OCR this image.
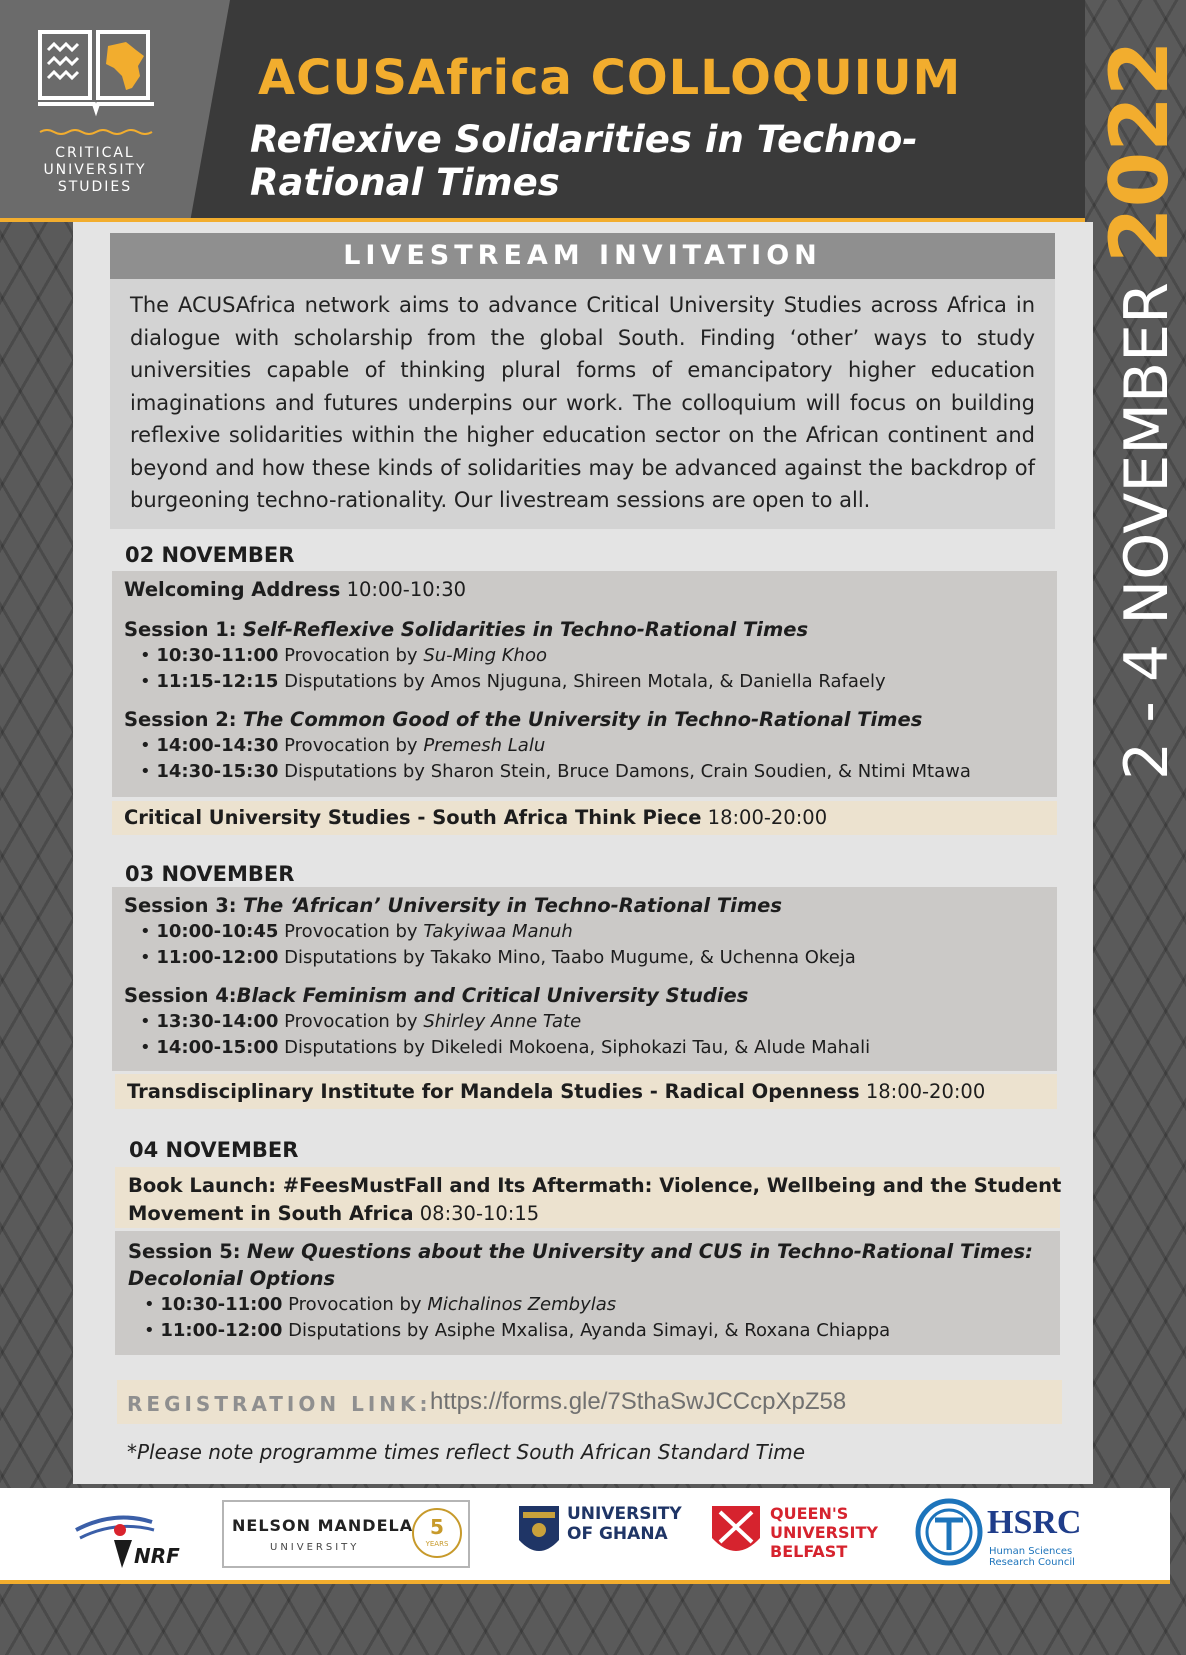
CRITICAL UNIVERSITY STUDIES
ACUSAfrica COLLOQUIUM
Reflexive Solidarities in Techno-Rational Times
2 - 4 NOVEMBER 2022
LIVESTREAM INVITATION

The ACUSAfrica network aims to advance Critical University Studies across Africa in dialogue with scholarship from the global South. Finding ‘other’ ways to study universities capable of thinking plural forms of emancipatory higher education imaginations and futures underpins our work. The colloquium will focus on building reflexive solidarities within the higher education sector on the African continent and beyond and how these kinds of solidarities may be advanced against the backdrop of burgeoning techno-rationality. Our livestream sessions are open to all.

02 NOVEMBER
Welcoming Address 10:00-10:30
Session 1: Self-Reflexive Solidarities in Techno-Rational Times
• 10:30-11:00 Provocation by Su-Ming Khoo
• 11:15-12:15 Disputations by Amos Njuguna, Shireen Motala, & Daniella Rafaely
Session 2: The Common Good of the University in Techno-Rational Times
• 14:00-14:30 Provocation by Premesh Lalu
• 14:30-15:30 Disputations by Sharon Stein, Bruce Damons, Crain Soudien, & Ntimi Mtawa
Critical University Studies - South Africa Think Piece 18:00-20:00
03 NOVEMBER
Session 3: The ‘African’ University in Techno-Rational Times
• 10:00-10:45 Provocation by Takyiwaa Manuh
• 11:00-12:00 Disputations by Takako Mino, Taabo Mugume, & Uchenna Okeja
Session 4:Black Feminism and Critical University Studies
• 13:30-14:00 Provocation by Shirley Anne Tate
• 14:00-15:00 Disputations by Dikeledi Mokoena, Siphokazi Tau, & Alude Mahali
Transdisciplinary Institute for Mandela Studies - Radical Openness 18:00-20:00
04 NOVEMBER
Book Launch: #FeesMustFall and Its Aftermath: Violence, Wellbeing and the Student
Movement in South Africa 08:30-10:15
Session 5: New Questions about the University and CUS in Techno-Rational Times:
Decolonial Options
• 10:30-11:00 Provocation by Michalinos Zembylas
• 11:00-12:00 Disputations by Asiphe Mxalisa, Ayanda Simayi, & Roxana Chiappa
REGISTRATION LINK:
https://forms.gle/7SthaSwJCCcpXpZ58
*Please note programme times reflect South African Standard Time
NRF
NELSON MANDELA
UNIVERSITY
5
YEARS
UNIVERSITY
OF GHANA
QUEEN'S
UNIVERSITY
BELFAST
HSRC
Human Sciences
Research Council
